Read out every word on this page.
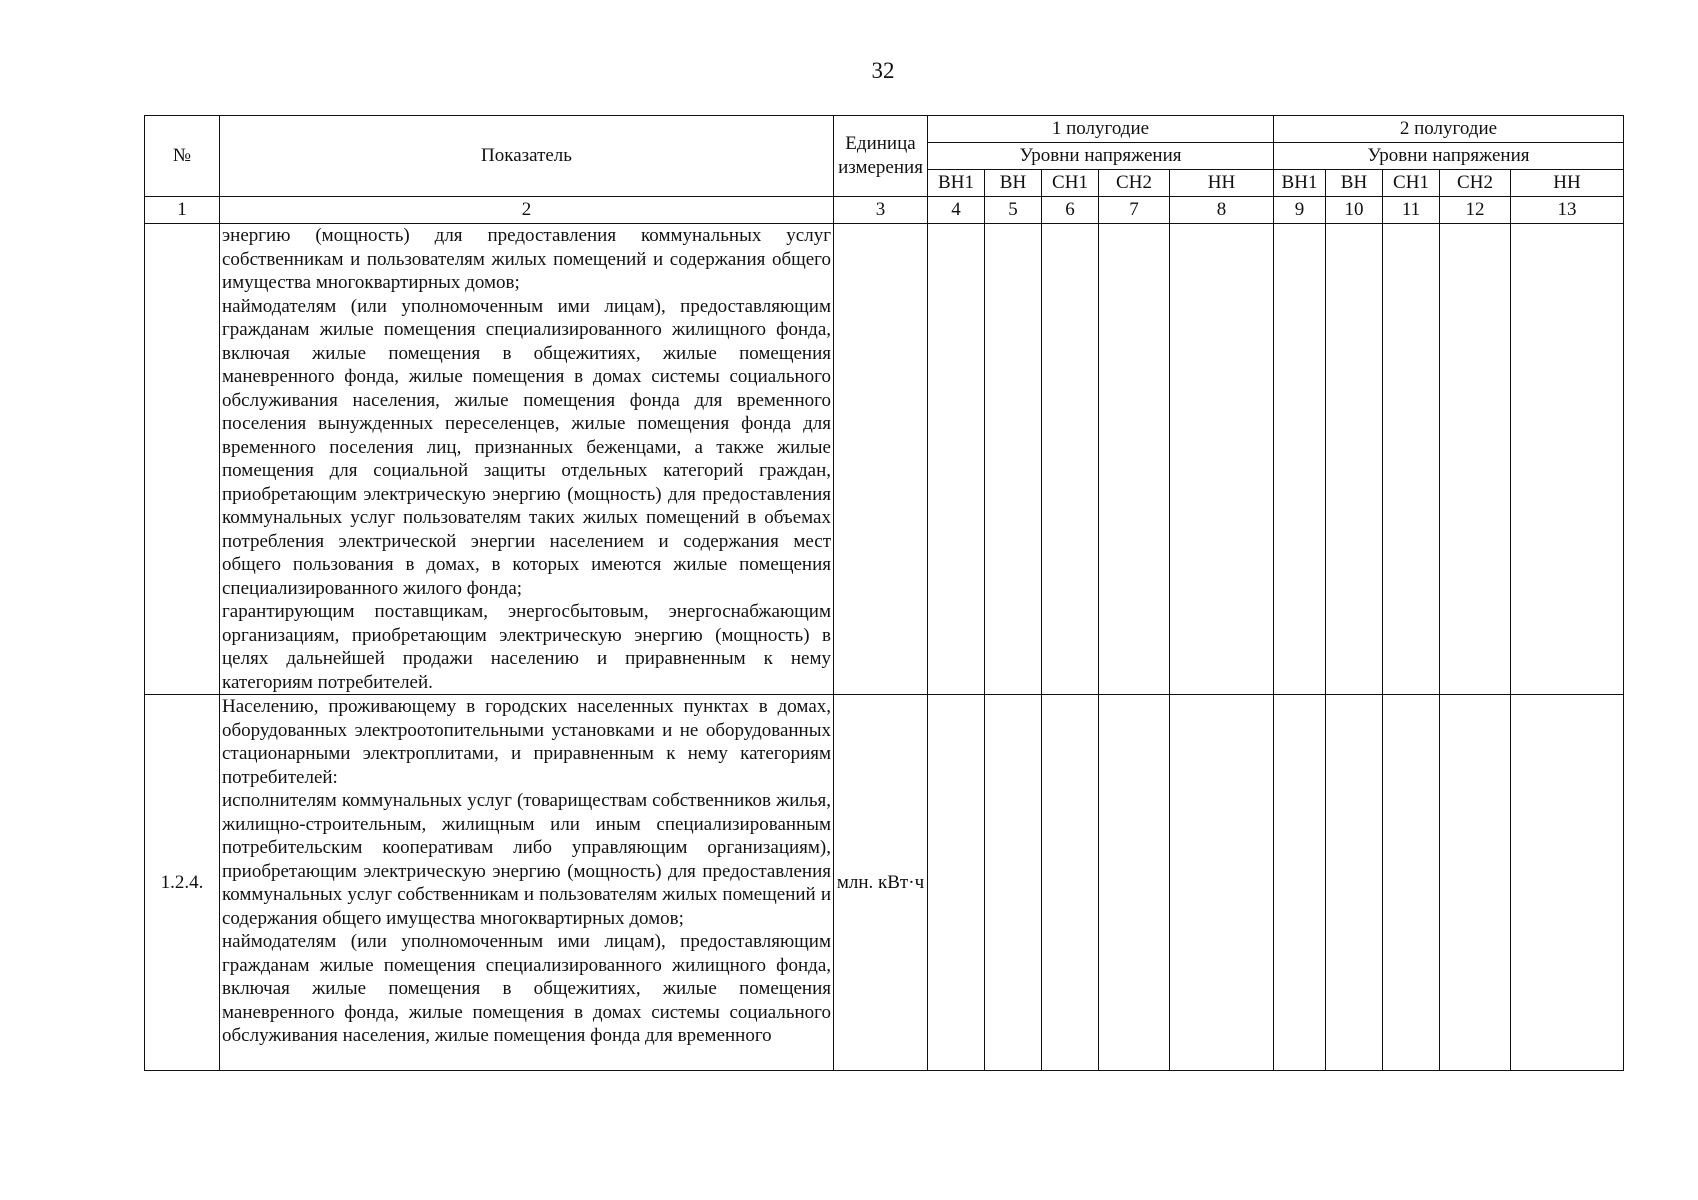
32
№	Показатель	Единица измерения	1 полугодие					2 полугодие				
			Уровни напряжения					Уровни напряжения				
			ВН1	ВН	СН1	СН2	НН	ВН1	ВН	СН1	СН2	НН
1	2	3	4	5	6	7	8	9	10	11	12	13

	энергию (мощность) для предоставления коммунальных услуг собственникам и пользователям жилых помещений и содержания общего имущества многоквартирных домов;
наймодателям (или уполномоченным ими лицам), предоставляющим гражданам жилые помещения специализированного жилищного фонда, включая жилые помещения в общежитиях, жилые помещения маневренного фонда, жилые помещения в домах системы социального обслуживания населения, жилые помещения фонда для временного поселения вынужденных переселенцев, жилые помещения фонда для временного поселения лиц, признанных беженцами, а также жилые помещения для социальной защиты отдельных категорий граждан, приобретающим электрическую энергию (мощность) для предоставления коммунальных услуг пользователям таких жилых помещений в объемах потребления электрической энергии населением и содержания мест общего пользования в домах, в которых имеются жилые помещения специализированного жилого фонда;
гарантирующим поставщикам, энергосбытовым, энергоснабжающим организациям, приобретающим электрическую энергию (мощность) в целях дальнейшей продажи населению и приравненным к нему категориям потребителей.											

1.2.4.	Населению, проживающему в городских населенных пунктах в домах, оборудованных электроотопительными установками и не оборудованных стационарными электроплитами, и приравненным к нему категориям потребителей:
исполнителям коммунальных услуг (товариществам собственников жилья, жилищно-строительным, жилищным или иным специализированным потребительским кооперативам либо управляющим организациям), приобретающим электрическую энергию (мощность) для предоставления коммунальных услуг собственникам и пользователям жилых помещений и содержания общего имущества многоквартирных домов;
наймодателям (или уполномоченным ими лицам), предоставляющим гражданам жилые помещения специализированного жилищного фонда, включая жилые помещения в общежитиях, жилые помещения маневренного фонда, жилые помещения в домах системы социального обслуживания населения, жилые помещения фонда для временного	млн. кВт·ч										
